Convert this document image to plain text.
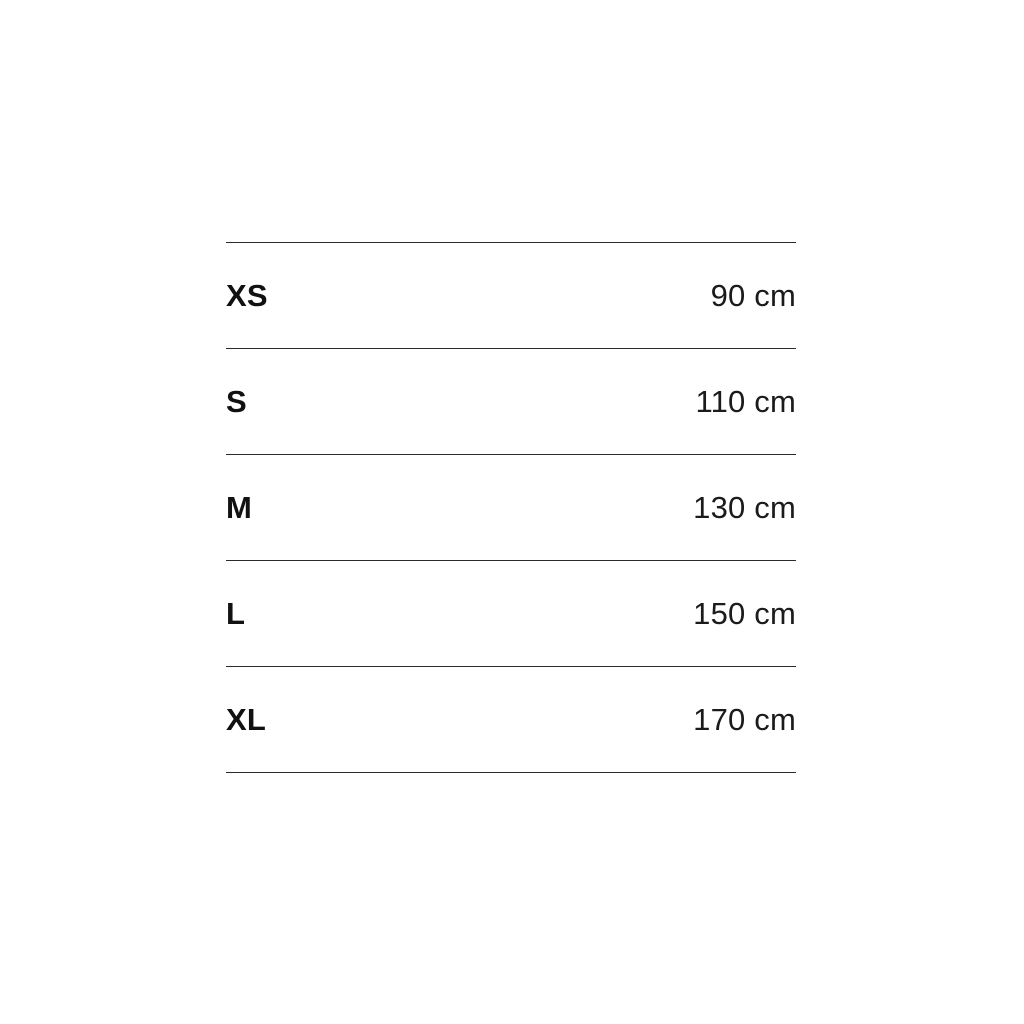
XS	90 cm
S	110 cm
M	130 cm
L	150 cm
XL	170 cm
